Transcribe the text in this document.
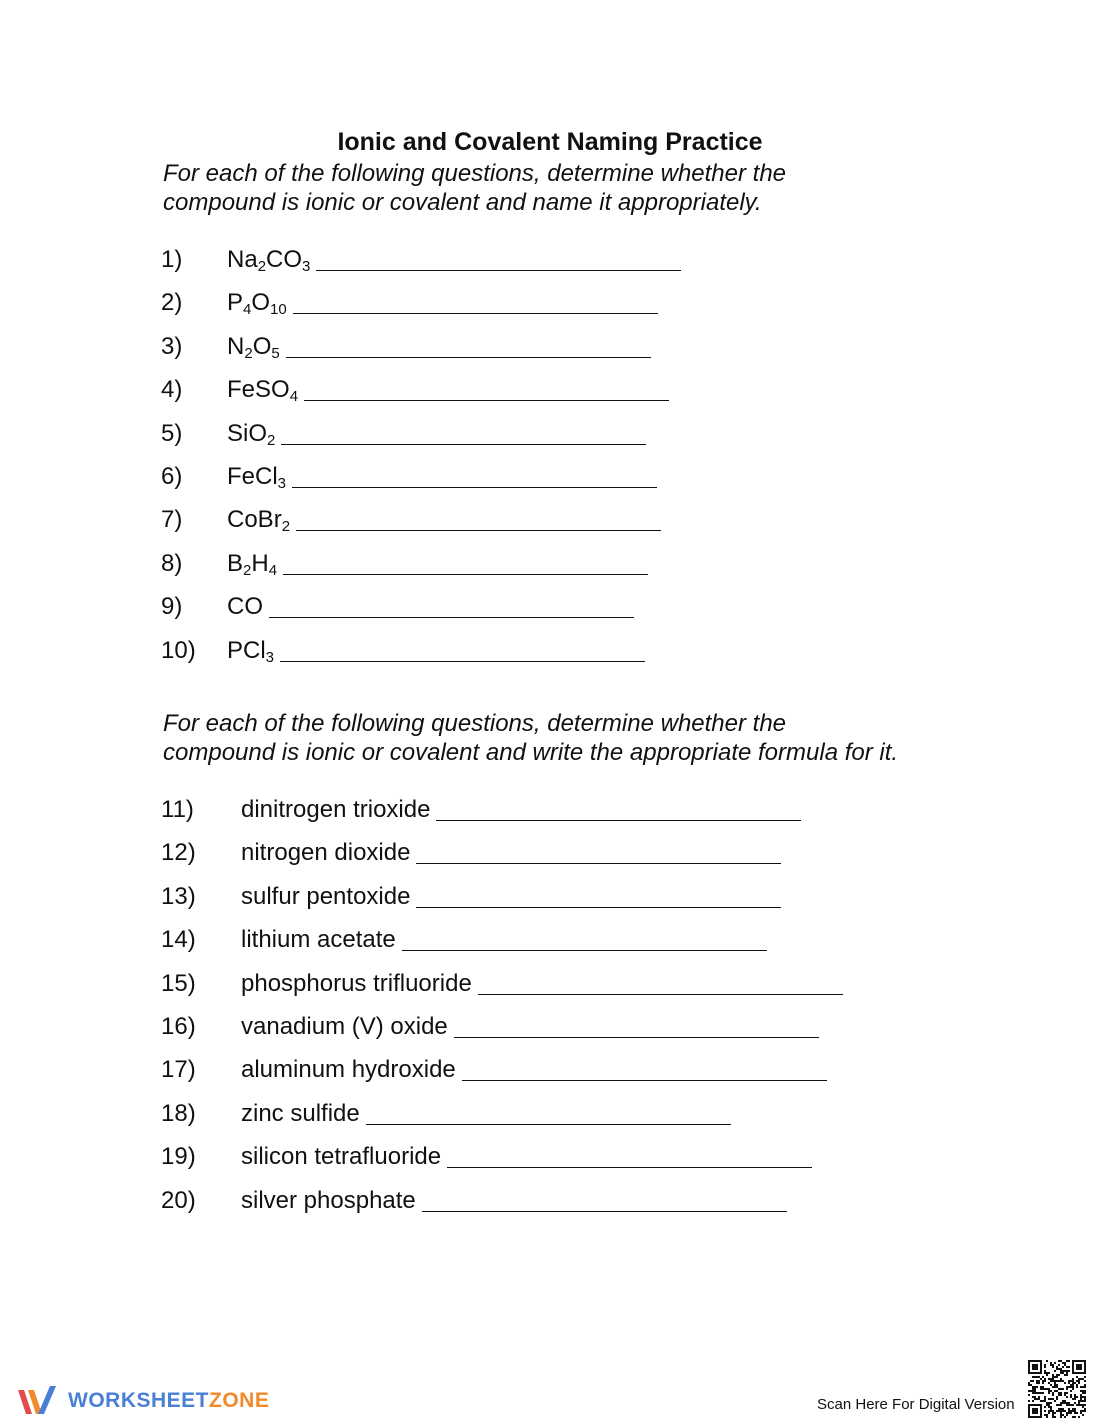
Ionic and Covalent Naming Practice
For each of the following questions, determine whether the
compound is ionic or covalent and name it appropriately.
1) $Na_2CO_3$
2) $P_4O_{10}$
3) $N_2O_5$
4) FeSO$_4$
5) SiO$_2$
6) FeCl$_3$
7) CoBr$_2$
8) $B_2H_4$
9) CO
10) PCl$_3$
For each of the following questions, determine whether the
compound is ionic or covalent and write the appropriate formula for it.
11) dinitrogen trioxide
12) nitrogen dioxide
13) sulfur pentoxide
14) lithium acetate
15) phosphorus trifluoride
16) vanadium (V) oxide
17) aluminum hydroxide
18) zinc sulfide
19) silicon tetrafluoride
20) silver phosphate
WORKSHEETZONE	Scan Here For Digital Version
